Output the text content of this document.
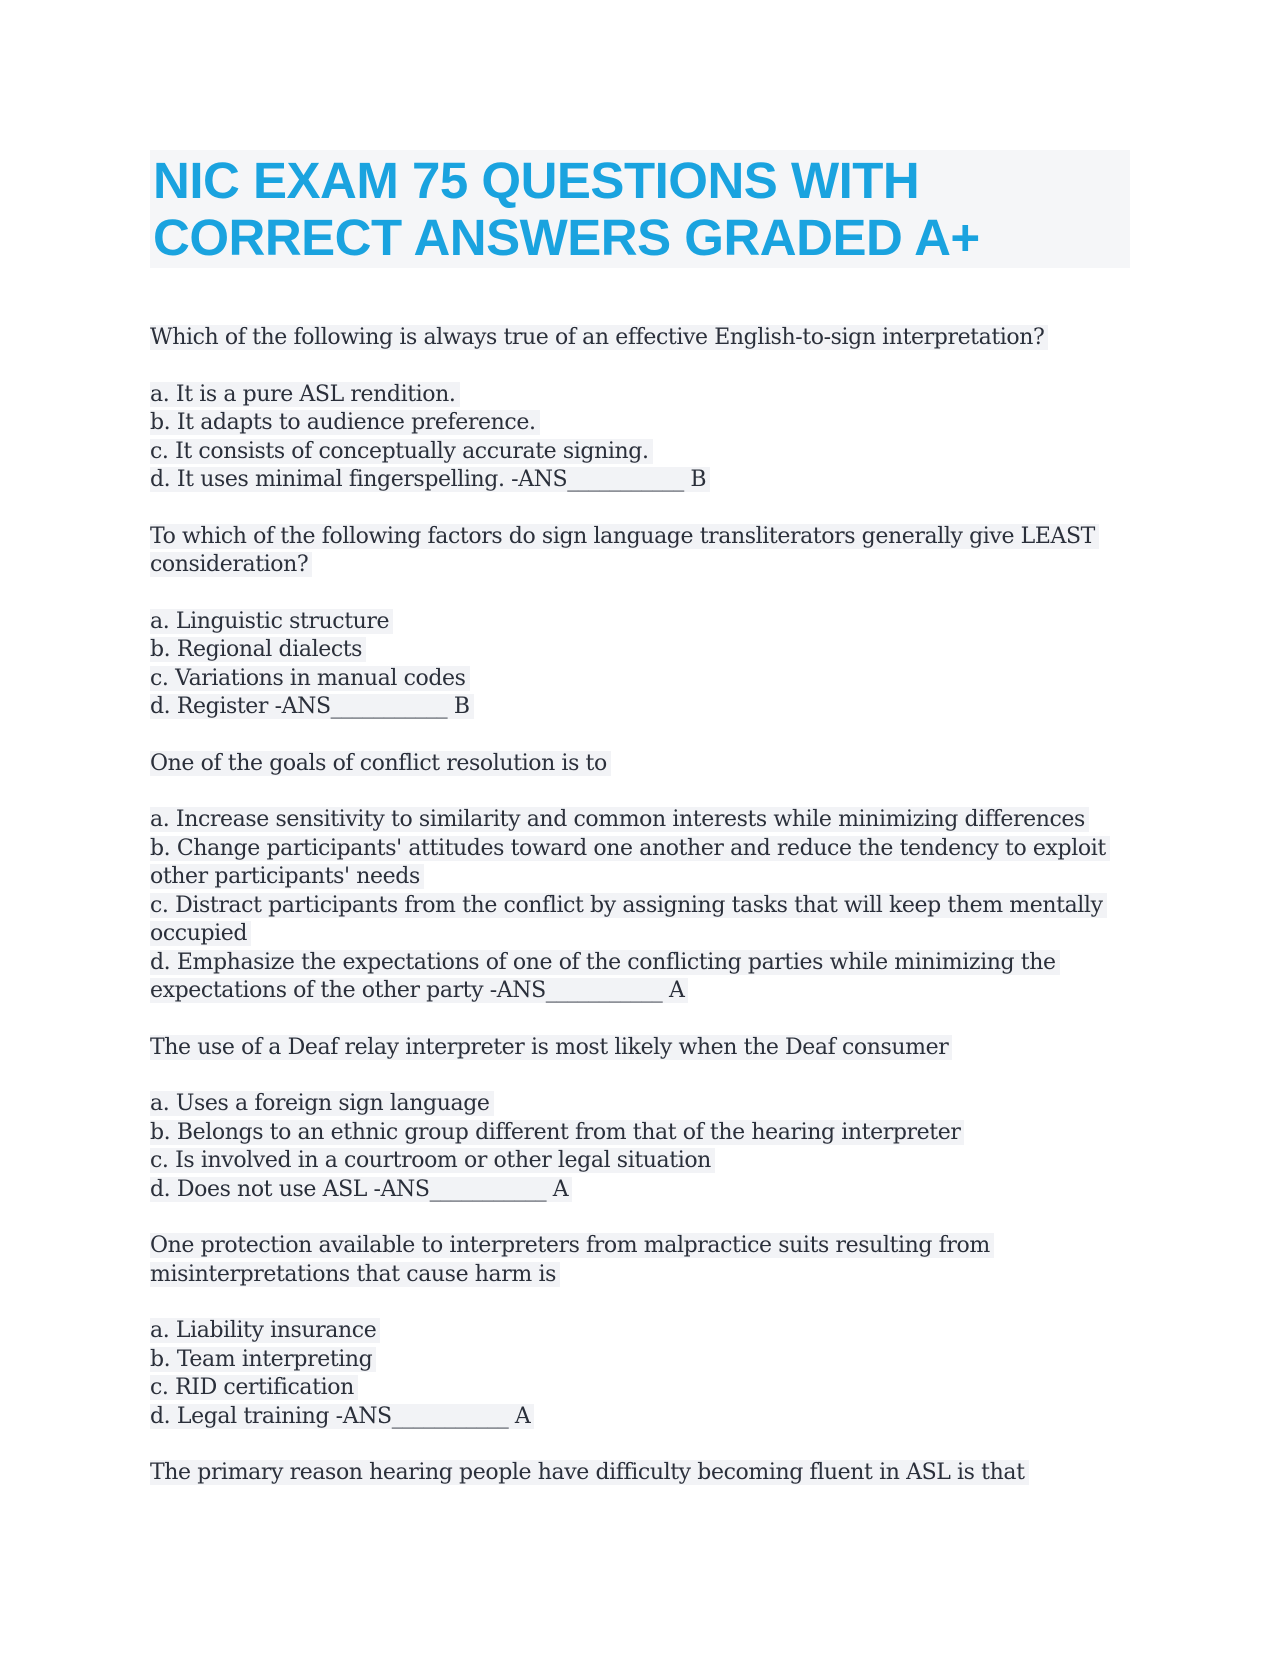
NIC EXAM 75 QUESTIONS WITH
CORRECT ANSWERS GRADED A+
Which of the following is always true of an effective English-to-sign interpretation?
a. It is a pure ASL rendition.
b. It adapts to audience preference.
c. It consists of conceptually accurate signing.
d. It uses minimal fingerspelling. -ANS___________ B
To which of the following factors do sign language transliterators generally give LEAST
consideration?
a. Linguistic structure
b. Regional dialects
c. Variations in manual codes
d. Register -ANS___________ B
One of the goals of conflict resolution is to
a. Increase sensitivity to similarity and common interests while minimizing differences
b. Change participants' attitudes toward one another and reduce the tendency to exploit
other participants' needs
c. Distract participants from the conflict by assigning tasks that will keep them mentally
occupied
d. Emphasize the expectations of one of the conflicting parties while minimizing the
expectations of the other party -ANS___________ A
The use of a Deaf relay interpreter is most likely when the Deaf consumer
a. Uses a foreign sign language
b. Belongs to an ethnic group different from that of the hearing interpreter
c. Is involved in a courtroom or other legal situation
d. Does not use ASL -ANS___________ A
One protection available to interpreters from malpractice suits resulting from
misinterpretations that cause harm is
a. Liability insurance
b. Team interpreting
c. RID certification
d. Legal training -ANS___________ A
The primary reason hearing people have difficulty becoming fluent in ASL is that
